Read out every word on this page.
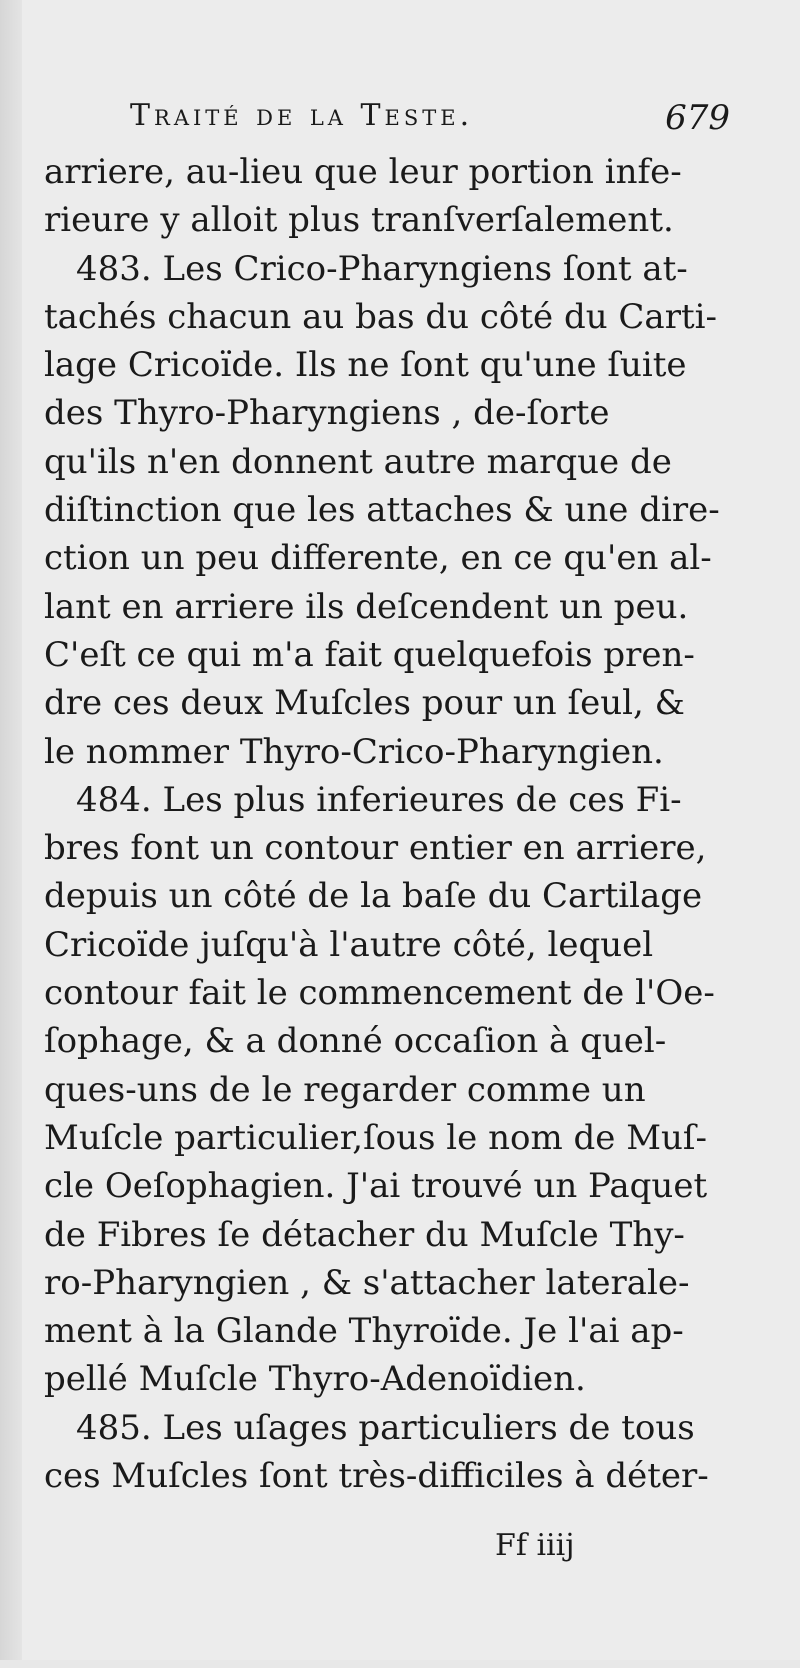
Traité de la Teste.	679
arriere, au-lieu que leur portion infe-
rieure y alloit plus tranſverſalement.
483. Les Crico-Pharyngiens ſont at-
tachés chacun au bas du côté du Carti-
lage Cricoïde. Ils ne ſont qu'une ſuite
des Thyro-Pharyngiens , de-ſorte
qu'ils n'en donnent autre marque de
diſtinction que les attaches & une dire-
ction un peu differente, en ce qu'en al-
lant en arriere ils deſcendent un peu.
C'eſt ce qui m'a fait quelquefois pren-
dre ces deux Muſcles pour un ſeul, &
le nommer Thyro-Crico-Pharyngien.
484. Les plus inferieures de ces Fi-
bres font un contour entier en arriere,
depuis un côté de la baſe du Cartilage
Cricoïde juſqu'à l'autre côté, lequel
contour fait le commencement de l'Oe-
ſophage, & a donné occaſion à quel-
ques-uns de le regarder comme un
Muſcle particulier,ſous le nom de Muſ-
cle Oeſophagien. J'ai trouvé un Paquet
de Fibres ſe détacher du Muſcle Thy-
ro-Pharyngien , & s'attacher laterale-
ment à la Glande Thyroïde. Je l'ai ap-
pellé Muſcle Thyro-Adenoïdien.
485. Les uſages particuliers de tous
ces Muſcles ſont très-difficiles à déter-
Ff iiij
